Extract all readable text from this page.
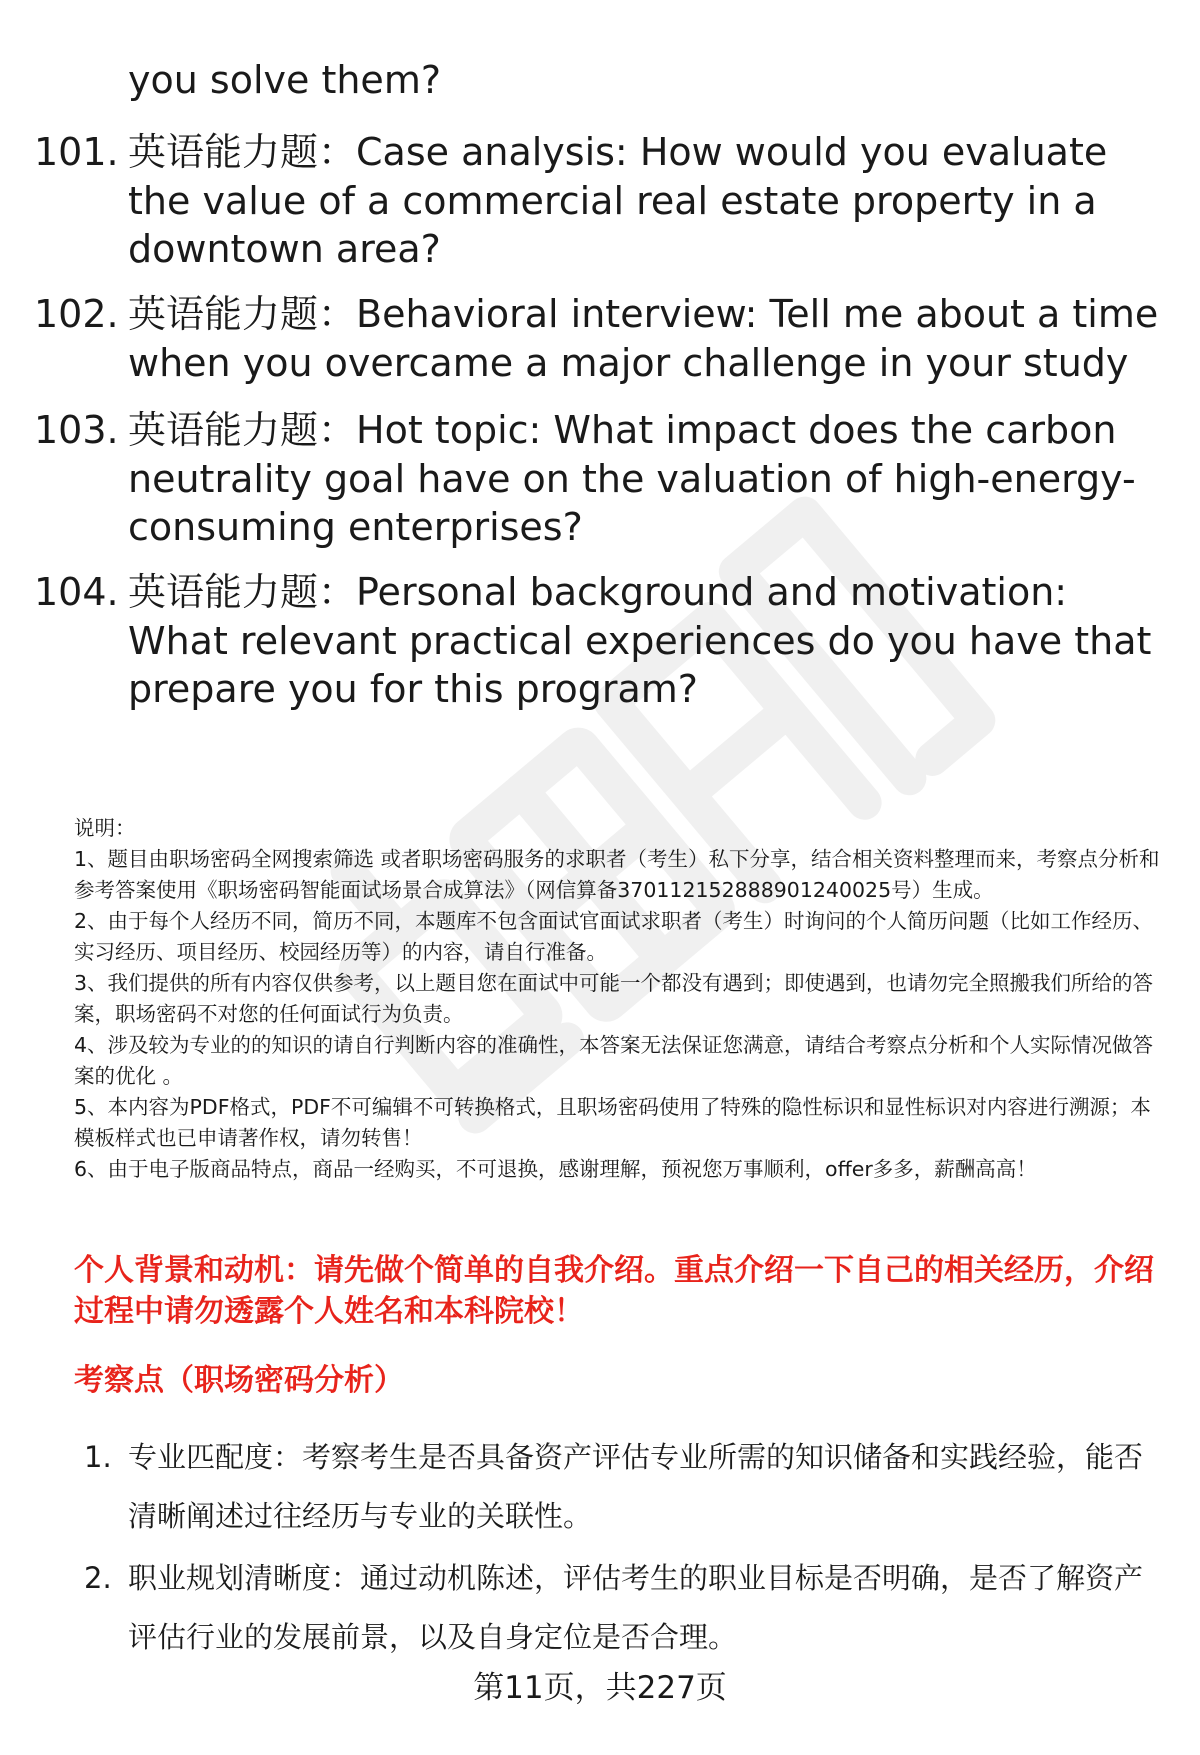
you solve them?
101. 英语能力题：Case analysis: How would you evaluate the value of a commercial real estate property in a downtown area?
102. 英语能力题：Behavioral interview: Tell me about a time when you overcame a major challenge in your study
103. 英语能力题：Hot topic: What impact does the carbon neutrality goal have on the valuation of high-energy-consuming enterprises?
104. 英语能力题：Personal background and motivation: What relevant practical experiences do you have that prepare you for this program?

说明：

1、题目由职场密码全网搜索筛选 或者职场密码服务的求职者（考生）私下分享，结合相关资料整理而来，考察点分析和参考答案使用《职场密码智能面试场景合成算法》（网信算备370112152888901240025号）生成。

2、由于每个人经历不同，简历不同，本题库不包含面试官面试求职者（考生）时询问的个人简历问题（比如工作经历、实习经历、项目经历、校园经历等）的内容，请自行准备。

3、我们提供的所有内容仅供参考，以上题目您在面试中可能一个都没有遇到；即使遇到，也请勿完全照搬我们所给的答案，职场密码不对您的任何面试行为负责。

4、涉及较为专业的的知识的请自行判断内容的准确性，本答案无法保证您满意，请结合考察点分析和个人实际情况做答案的优化 。

5、本内容为PDF格式，PDF不可编辑不可转换格式，且职场密码使用了特殊的隐性标识和显性标识对内容进行溯源；本模板样式也已申请著作权，请勿转售！

6、由于电子版商品特点，商品一经购买，不可退换，感谢理解，预祝您万事顺利，offer多多，薪酬高高！

个人背景和动机：请先做个简单的自我介绍。重点介绍一下自己的相关经历，介绍过程中请勿透露个人姓名和本科院校！
考察点（职场密码分析）
1. 专业匹配度：考察考生是否具备资产评估专业所需的知识储备和实践经验，能否清晰阐述过往经历与专业的关联性。
2. 职业规划清晰度：通过动机陈述，评估考生的职业目标是否明确，是否了解资产评估行业的发展前景，以及自身定位是否合理。
第11页，共227页
